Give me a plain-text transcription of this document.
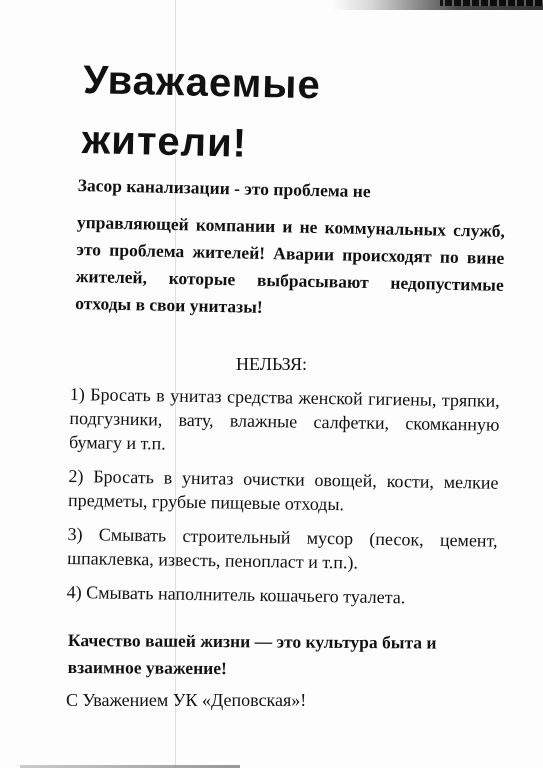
Уважаемые
жители!
Засор канализации - это проблема не
управляющей компании и не коммунальных служб, это проблема жителей! Аварии происходят по вине жителей, которые выбрасывают недопустимые отходы в свои унитазы!
НЕЛЬЗЯ:

1) Бросать в унитаз средства женской гигиены, тряпки, подгузники, вату, влажные салфетки, скомканную бумагу и т.п.

2) Бросать в унитаз очистки овощей, кости, мелкие предметы, грубые пищевые отходы.

3) Смывать строительный мусор (песок, цемент, шпаклевка, известь, пенопласт и т.п.).

4) Смывать наполнитель кошачьего туалета.

Качество вашей жизни — это культура быта и взаимное уважение!
С Уважением УК «Деповская»!
